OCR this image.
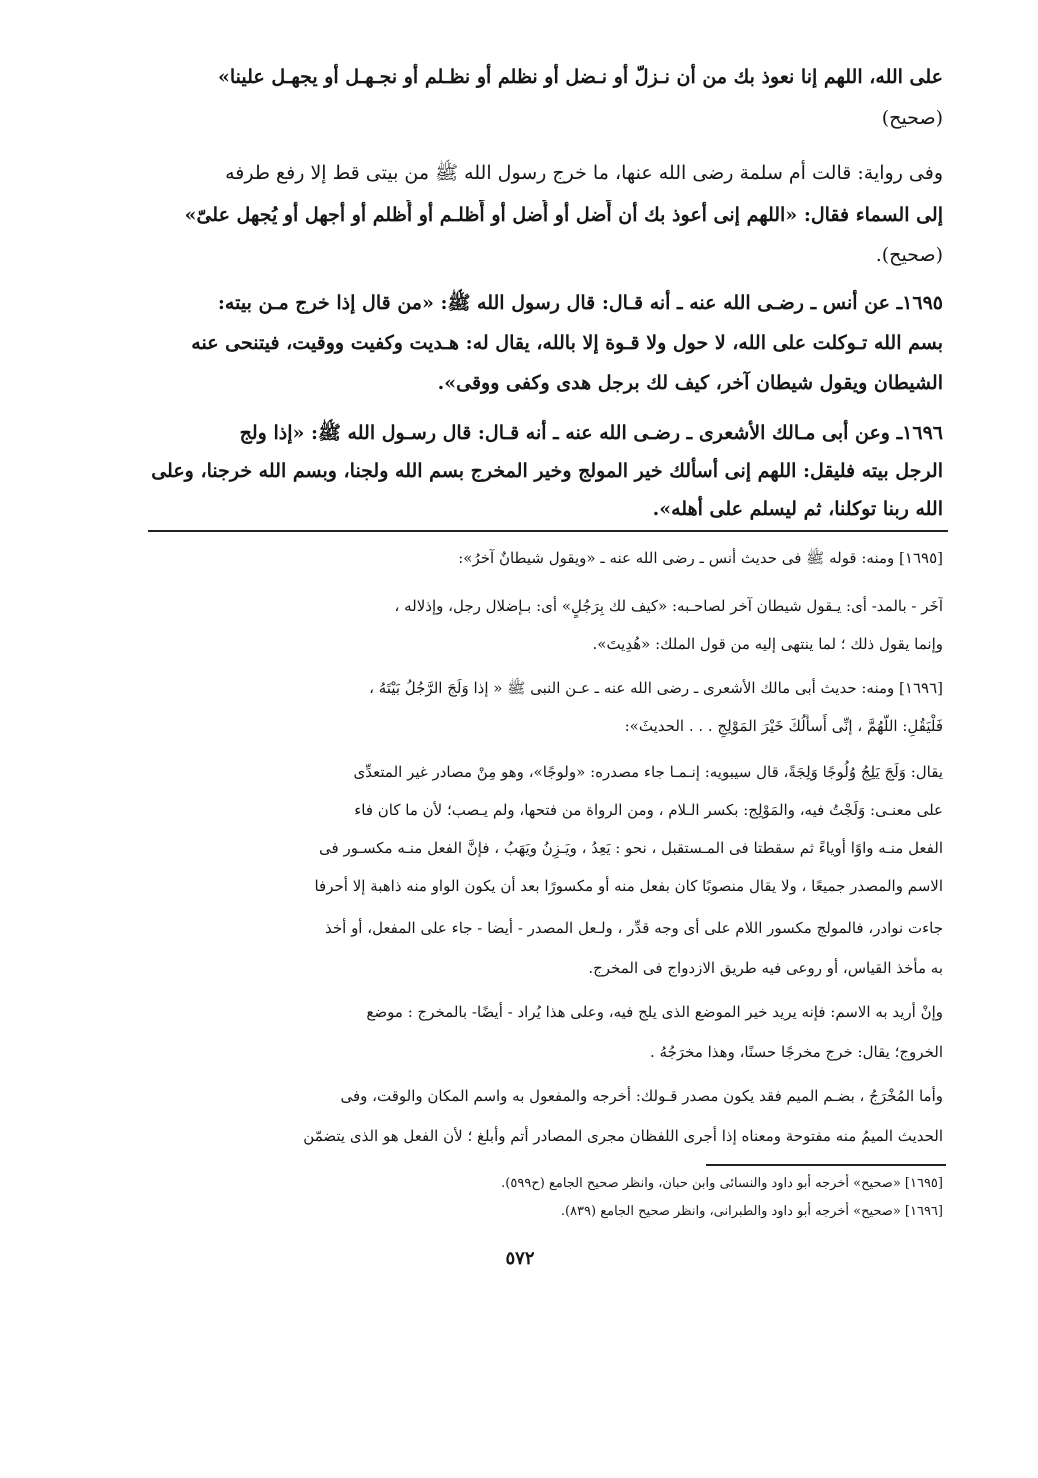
على الله، اللهم إنا نعوذ بك من أن نـزلّ أو نـضل أو نظلم أو نظـلم أو نجـهـل أو يجهـل علينا»
(صحيح)
وفى رواية: قالت أم سلمة رضى الله عنها، ما خرج رسول الله ﷺ من بيتى قط إلا رفع طرفه
إلى السماء فقال: «اللهم إنى أعوذ بك أن أَضل أو أُضل أو أَظلـم أو أُظلم أو أجهل أو يُجهل علىّ»
(صحيح).
١٦٩٥ـ عن أنس ـ رضـى الله عنه ـ أنه قـال: قال رسول الله ﷺ: «من قال إذا خرج مـن بيته:
بسم الله تـوكلت على الله، لا حول ولا قـوة إلا بالله، يقال له: هـديت وكفيت ووقيت، فيتنحى عنه
الشيطان ويقول شيطان آخر، كيف لك برجل هدى وكفى ووقى».
١٦٩٦ـ وعن أبى مـالك الأشعرى ـ رضـى الله عنه ـ أنه قـال: قال رسـول الله ﷺ: «إذا ولج
الرجل بيته فليقل: اللهم إنى أسألك خير المولج وخير المخرج بسم الله ولجنا، وبسم الله خرجنا، وعلى
الله ربنا توكلنا، ثم ليسلم على أهله».
[١٦٩٥] ومنه: قوله ﷺ فى حديث أنس ـ رضى الله عنه ـ «ويقول شيطانٌ آخرُ»:
آخَر - بالمد- أى: يـقول شيطان آخر لصاحـبه: «كيف لك بِرَجُلٍ» أى: بـإضلال رجل، وإذلاله ،
وإنما يقول ذلك ؛ لما ينتهى إليه من قول الملك: «هُدِيتَ».
[١٦٩٦] ومنه: حديث أبى مالك الأشعرى ـ رضى الله عنه ـ عـن النبى ﷺ « إذا وَلَجَ الرَّجُلُ بَيْتَهُ ،
فَلْيَقُلِ: اللَّهُمَّ ، إنِّى أَسأَلُكَ خَيْرَ المَوْلِجِ . . . الحديثَ»:
يقال: وَلَجَ يَلِجُ وُلُوجًا وَلِجَةً، قال سيبويه: إنـمـا جاء مصدره: «ولوجًا»، وهو مِنْ مصادر غير المتعدِّى
على معنـى: وَلَجْتُ فيه، والمَوْلِج: بكسر الـلام ، ومن الرواة من فتحها، ولم يـصب؛ لأن ما كان فاء
الفعل منـه واوًا أوياءً ثم سقطتا فى المـستقبل ، نحو : يَعِدُ ، ويَـزِنُ ويَهَبُ ، فإنَّ الفعل منـه مكسـور فى
الاسم والمصدر جميعًا ، ولا يقال منصوبًا كان بفعل منه أو مكسورًا بعد أن يكون الواو منه ذاهبة إلا أحرفا
جاءت نوادر، فالمولج مكسور اللام على أى وجه قدِّر ، ولـعل المصدر - أيضا - جاء على المفعل، أو أخذ
به مأخذ القياس، أو روعى فيه طريق الازدواج فى المخرج.
وإنْ أريد به الاسم: فإنه يريد خير الموضع الذى يلج فيه، وعلى هذا يُراد - أيضًا- بالمخرج : موضع
الخروج؛ يقال: خرج مخرجًا حسنًا، وهذا مخرَجُهُ .
وأما المُخْرَجُ ، بضـم الميم فقد يكون مصدر قـولك: أخرجه والمفعول به واسم المكان والوقت، وفى
الحديث الميمُ منه مفتوحة ومعناه إذا أجرى اللفظان مجرى المصادر أتم وأبلغ ؛ لأن الفعل هو الذى يتضمّن
[١٦٩٥] «صحيح» أخرجه أبو داود والنسائى وابن حبان، وانظر صحيح الجامع (ح٥٩٩).
[١٦٩٦] «صحيح» أخرجه أبو داود والطبرانى، وانظر صحيح الجامع (٨٣٩).
٥٧٢
